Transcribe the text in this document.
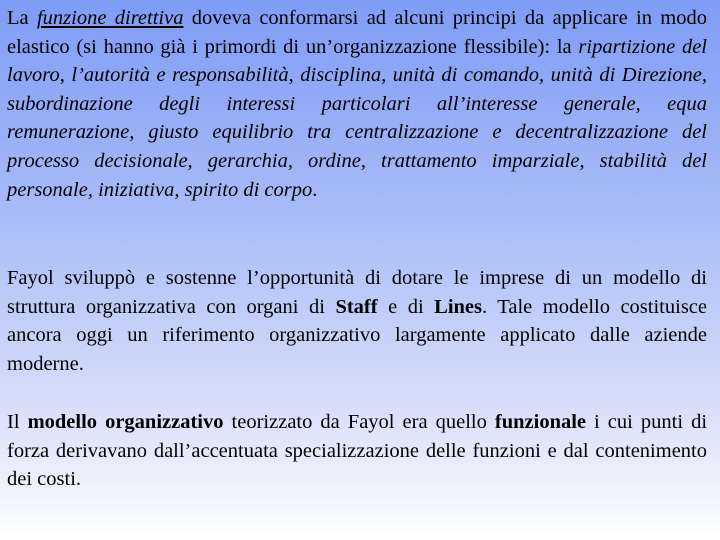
La funzione direttiva doveva conformarsi ad alcuni principi da applicare in modo elastico (si hanno già i primordi di un’organizzazione flessibile): la ripartizione del lavoro, l’autorità e responsabilità, disciplina, unità di comando, unità di Direzione, subordinazione degli interessi particolari all’interesse generale, equa remunerazione, giusto equilibrio tra centralizzazione e decentralizzazione del processo decisionale, gerarchia, ordine, trattamento imparziale, stabilità del personale, iniziativa, spirito di corpo.

Fayol sviluppò e sostenne l’opportunità di dotare le imprese di un modello di struttura organizzativa con organi di Staff e di Lines. Tale modello costituisce ancora oggi un riferimento organizzativo largamente applicato dalle aziende moderne.

Il modello organizzativo teorizzato da Fayol era quello funzionale i cui punti di forza derivavano dall’accentuata specializzazione delle funzioni e dal contenimento dei costi.
